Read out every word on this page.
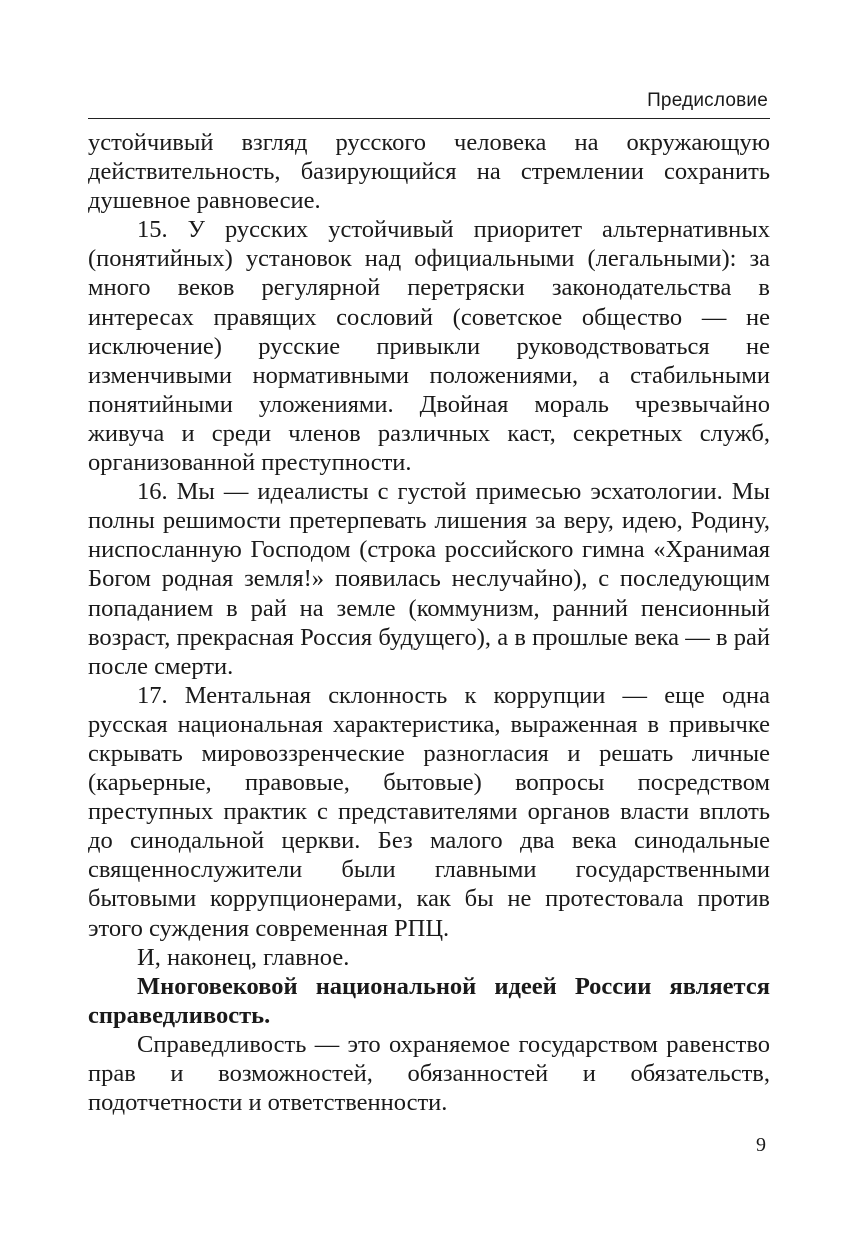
Предисловие

устойчивый взгляд русского человека на окружающую действительность, базирующийся на стремлении сохранить душевное равновесие.

15. У русских устойчивый приоритет альтернативных (понятийных) установок над официальными (легальными): за много веков регулярной перетряски законодательства в интересах правящих сословий (советское общество — не исключение) русские привыкли руководствоваться не изменчивыми нормативными положениями, а стабильными понятийными уложениями. Двойная мораль чрезвычайно живуча и среди членов различных каст, секретных служб, организованной преступности.

16. Мы — идеалисты с густой примесью эсхатологии. Мы полны решимости претерпевать лишения за веру, идею, Родину, ниспосланную Господом (строка российского гимна «Хранимая Богом родная земля!» появилась неслучайно), с последующим попаданием в рай на земле (коммунизм, ранний пенсионный возраст, прекрасная Россия будущего), а в прошлые века — в рай после смерти.

17. Ментальная склонность к коррупции — еще одна русская национальная характеристика, выраженная в привычке скрывать мировоззренческие разногласия и решать личные (карьерные, правовые, бытовые) вопросы посредством преступных практик с представителями органов власти вплоть до синодальной церкви. Без малого два века синодальные священнослужители были главными государственными бытовыми коррупционерами, как бы не протестовала против этого суждения современная РПЦ.

И, наконец, главное.

Многовековой национальной идеей России является справедливость.

Справедливость — это охраняемое государством равенство прав и возможностей, обязанностей и обязательств, подотчетности и ответственности.

9
